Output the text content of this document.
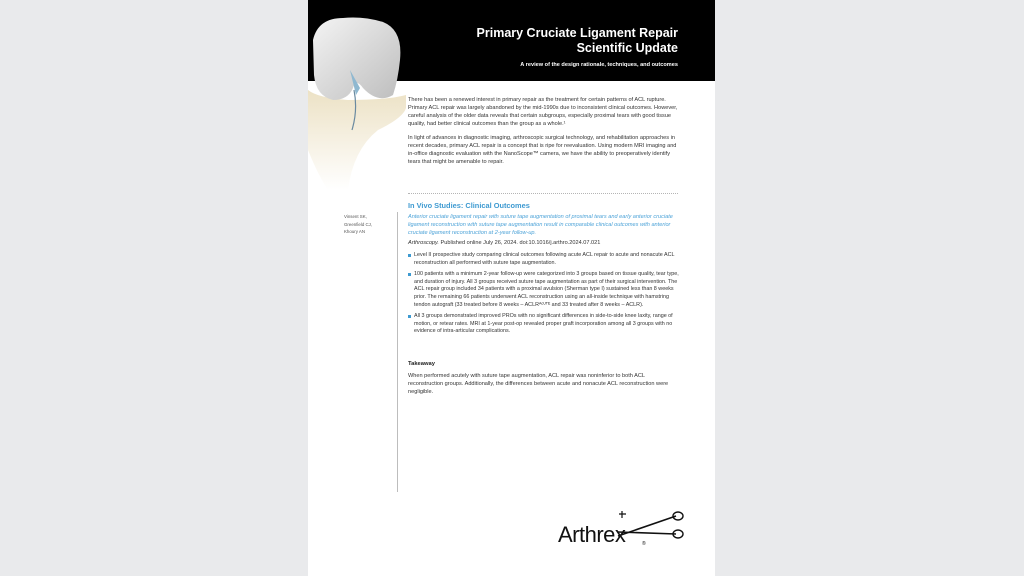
Primary Cruciate Ligament Repair
Scientific Update
A review of the design rationale, techniques, and outcomes

There has been a renewed interest in primary repair as the treatment for certain patterns of ACL rupture. Primary ACL repair was largely abandoned by the mid-1990s due to inconsistent clinical outcomes. However, careful analysis of the older data reveals that certain subgroups, especially proximal tears with good tissue quality, had better clinical outcomes than the group as a whole.¹

In light of advances in diagnostic imaging, arthroscopic surgical technology, and rehabilitation approaches in recent decades, primary ACL repair is a concept that is ripe for reevaluation. Using modern MRI imaging and in-office diagnostic evaluation with the NanoScope™ camera, we have the ability to preoperatively identify tears that might be amenable to repair.

In Vivo Studies: Clinical Outcomes
Vinsent SK,
Greenfield CJ,
Khoury AN
Anterior cruciate ligament repair with suture tape augmentation of proximal tears and early anterior cruciate ligament reconstruction with suture tape augmentation result in comparable clinical outcomes with anterior cruciate ligament reconstruction at 2-year follow-up.
Arthroscopy. Published online July 26, 2024. doi:10.1016/j.arthro.2024.07.021
Level II prospective study comparing clinical outcomes following acute ACL repair to acute and nonacute ACL reconstruction all performed with suture tape augmentation.
100 patients with a minimum 2-year follow-up were categorized into 3 groups based on tissue quality, tear type, and duration of injury. All 3 groups received suture tape augmentation as part of their surgical intervention. The ACL repair group included 34 patients with a proximal avulsion (Sherman type I) sustained less than 8 weeks prior. The remaining 66 patients underwent ACL reconstruction using an all-inside technique with hamstring tendon autograft (33 treated before 8 weeks – ACLRᴬᶜᵁᵀᴱ and 33 treated after 8 weeks – ACLR).
All 3 groups demonstrated improved PROs with no significant differences in side-to-side knee laxity, range of motion, or retear rates. MRI at 1-year post-op revealed proper graft incorporation among all 3 groups with no evidence of intra-articular complications.
Takeaway
When performed acutely with suture tape augmentation, ACL repair was noninferior to both ACL reconstruction groups. Additionally, the differences between acute and nonacute ACL reconstruction were negligible.
Arthrex	®
